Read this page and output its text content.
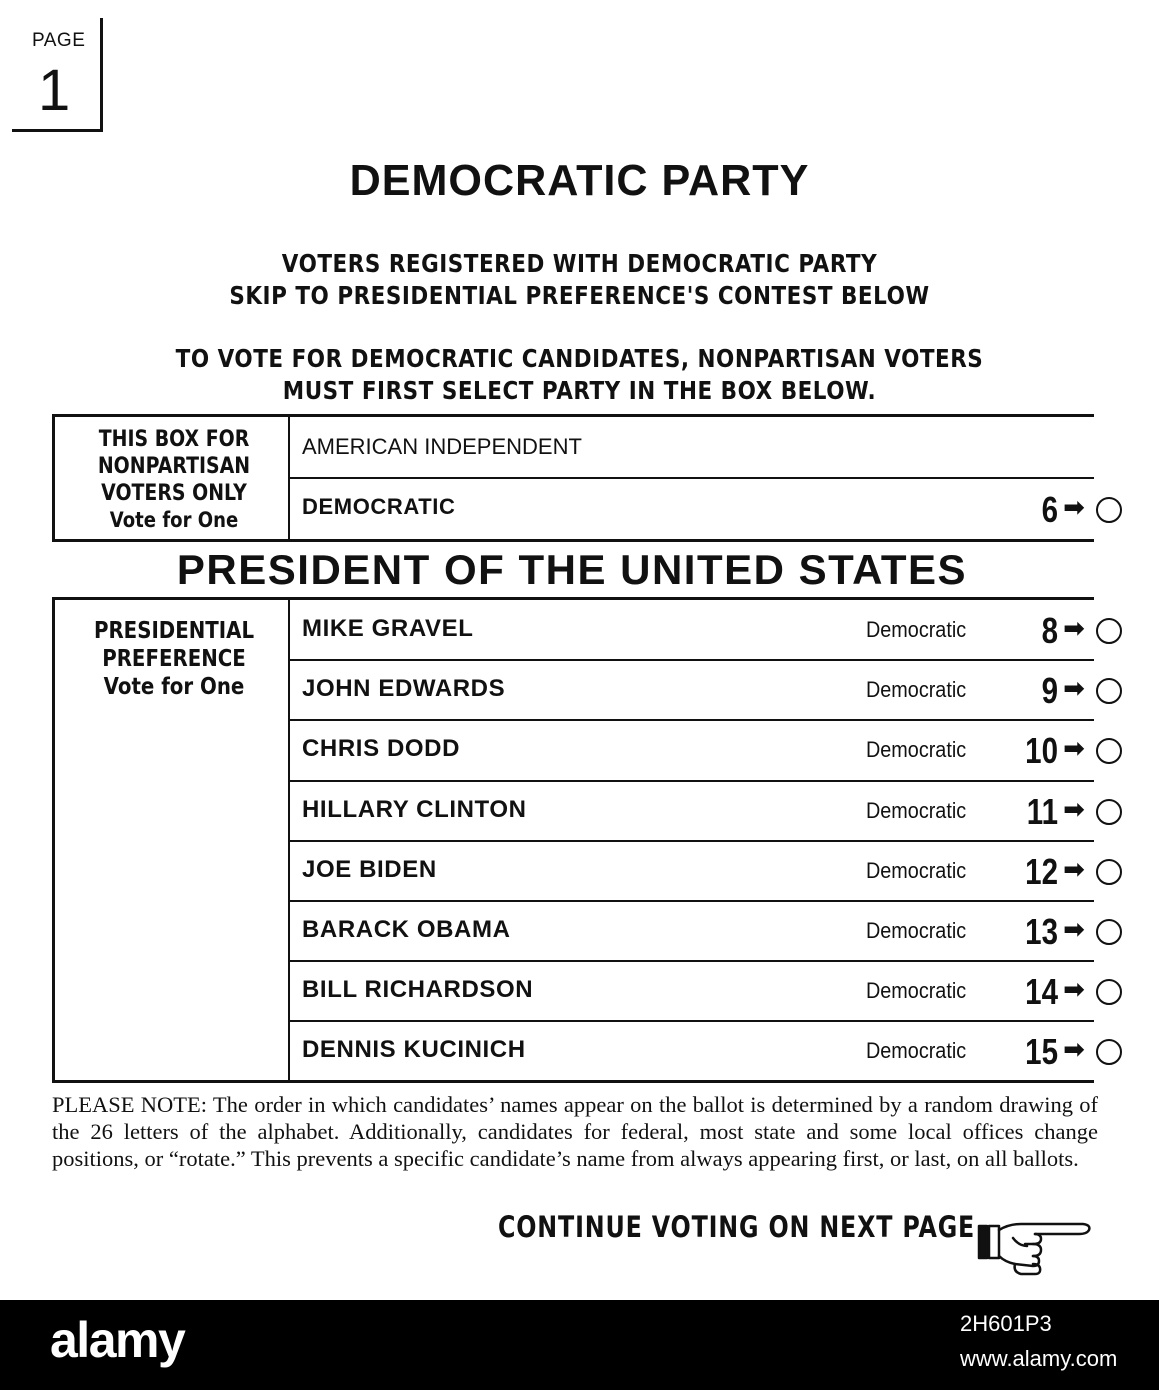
PAGE
1
DEMOCRATIC PARTY
VOTERS REGISTERED WITH DEMOCRATIC PARTY
SKIP TO PRESIDENTIAL PREFERENCE'S CONTEST BELOW
TO VOTE FOR DEMOCRATIC CANDIDATES, NONPARTISAN VOTERS
MUST FIRST SELECT PARTY IN THE BOX BELOW.
THIS BOX FOR
NONPARTISAN
VOTERS ONLY
Vote for One
AMERICAN INDEPENDENT
DEMOCRATIC	6 ➡
PRESIDENT OF THE UNITED STATES
PRESIDENTIAL
PREFERENCE
Vote for One
MIKE GRAVEL	Democratic	8 ➡
JOHN EDWARDS	Democratic	9 ➡
CHRIS DODD	Democratic	10 ➡
HILLARY CLINTON	Democratic	11 ➡
JOE BIDEN	Democratic	12 ➡
BARACK OBAMA	Democratic	13 ➡
BILL RICHARDSON	Democratic	14 ➡
DENNIS KUCINICH	Democratic	15 ➡
PLEASE NOTE: The order in which candidates’ names appear on the ballot is determined by a random drawing of the 26 letters of the alphabet. Additionally, candidates for federal, most state and some local offices change positions, or “rotate.” This prevents a specific candidate’s name from always appearing first, or last, on all ballots.
CONTINUE VOTING ON NEXT PAGE
alamy	2H601P3
www.alamy.com
